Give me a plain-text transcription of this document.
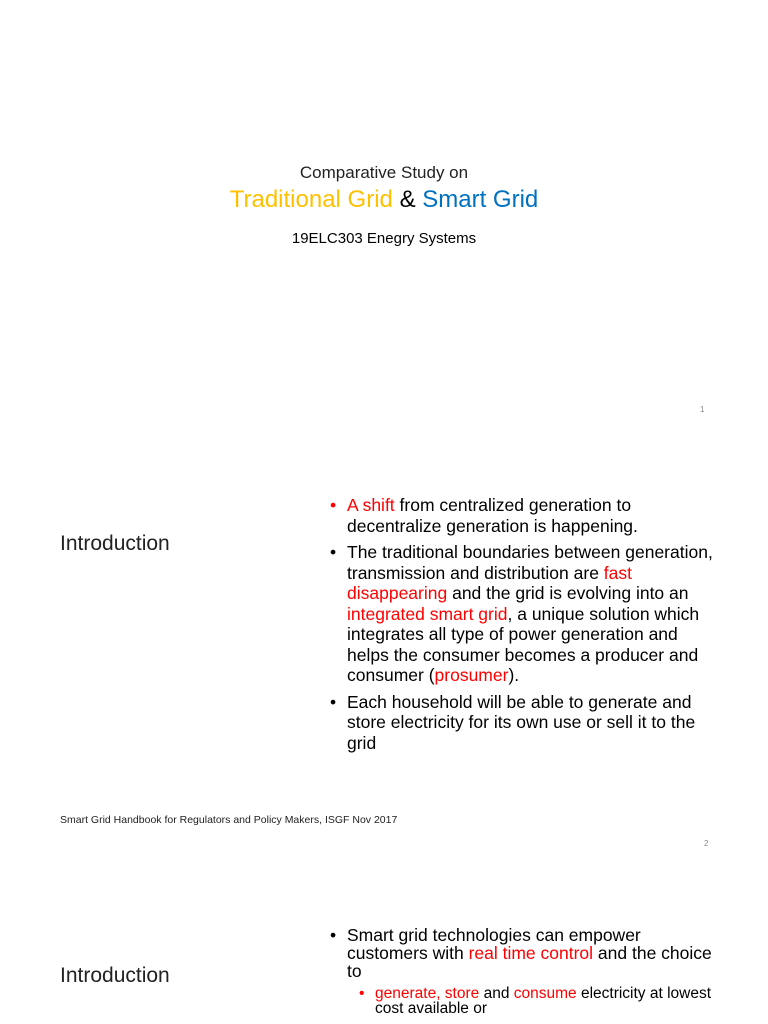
Comparative Study on
Traditional Grid & Smart Grid
19ELC303 Enegry Systems
1
Introduction
• A shift from centralized generation to decentralize generation is happening.
• The traditional boundaries between generation, transmission and distribution are fast disappearing and the grid is evolving into an integrated smart grid, a unique solution which integrates all type of power generation and helps the consumer becomes a producer and consumer (prosumer).
• Each household will be able to generate and store electricity for its own use or sell it to the grid
Smart Grid Handbook for Regulators and Policy Makers, ISGF Nov 2017
2
Introduction
• Smart grid technologies can empower customers with real time control and the choice to
• generate, store and consume electricity at lowest cost available or
